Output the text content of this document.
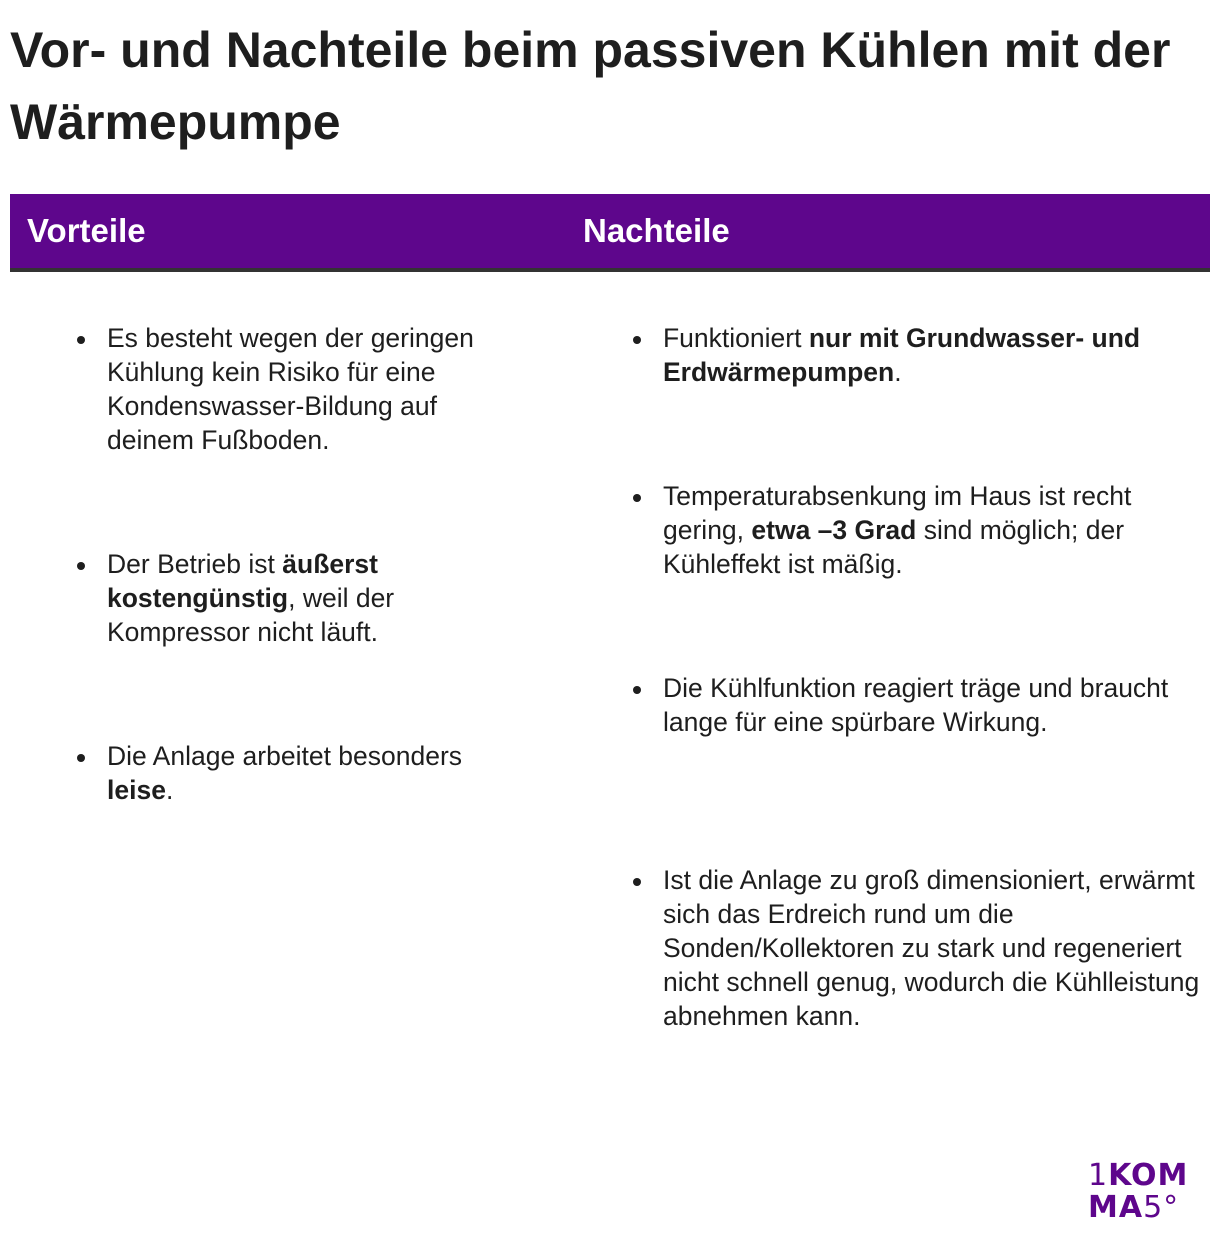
Vor- und Nachteile beim passiven Kühlen mit der Wärmepumpe
Vorteile	Nachteile
Es besteht wegen der geringen Kühlung kein Risiko für eine Kondenswasser-Bildung auf deinem Fußboden.
Der Betrieb ist äußerst kostengünstig, weil der Kompressor nicht läuft.
Die Anlage arbeitet besonders leise.
Funktioniert nur mit Grundwasser- und Erdwärmepumpen.
Temperaturabsenkung im Haus ist recht gering, etwa –3 Grad sind möglich; der Kühleffekt ist mäßig.
Die Kühlfunktion reagiert träge und braucht lange für eine spürbare Wirkung.
Ist die Anlage zu groß dimensioniert, erwärmt sich das Erdreich rund um die Sonden/Kollektoren zu stark und regeneriert nicht schnell genug, wodurch die Kühlleistung abnehmen kann.
1KOM
MA5°
